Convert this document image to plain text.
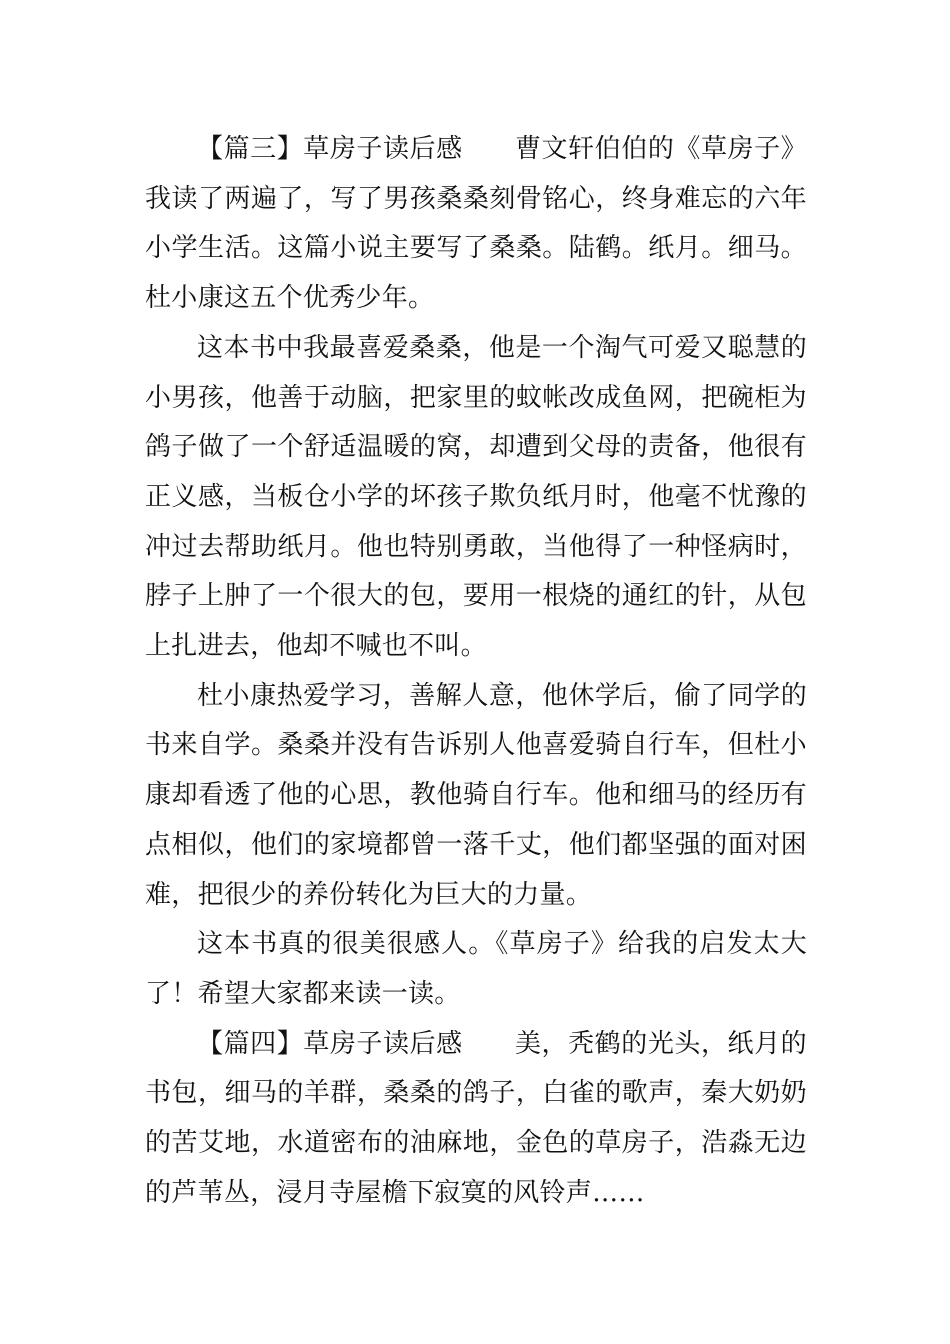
【篇三】草房子读后感 曹文轩伯伯的《草房子》我读了两遍了，写了男孩桑桑刻骨铭心，终身难忘的六年小学生活。这篇小说主要写了桑桑。陆鹤。纸月。细马。杜小康这五个优秀少年。

这本书中我最喜爱桑桑，他是一个淘气可爱又聪慧的小男孩，他善于动脑，把家里的蚊帐改成鱼网，把碗柜为鸽子做了一个舒适温暖的窝，却遭到父母的责备，他很有正义感，当板仓小学的坏孩子欺负纸月时，他毫不忧豫的冲过去帮助纸月。他也特别勇敢，当他得了一种怪病时，脖子上肿了一个很大的包，要用一根烧的通红的针，从包上扎进去，他却不喊也不叫。

杜小康热爱学习，善解人意，他休学后，偷了同学的书来自学。桑桑并没有告诉别人他喜爱骑自行车，但杜小康却看透了他的心思，教他骑自行车。他和细马的经历有点相似，他们的家境都曾一落千丈，他们都坚强的面对困难，把很少的养份转化为巨大的力量。

这本书真的很美很感人。《草房子》给我的启发太大了！希望大家都来读一读。

【篇四】草房子读后感 美，秃鹤的光头，纸月的书包，细马的羊群，桑桑的鸽子，白雀的歌声，秦大奶奶的苦艾地，水道密布的油麻地，金色的草房子，浩淼无边的芦苇丛，浸月寺屋檐下寂寞的风铃声……
